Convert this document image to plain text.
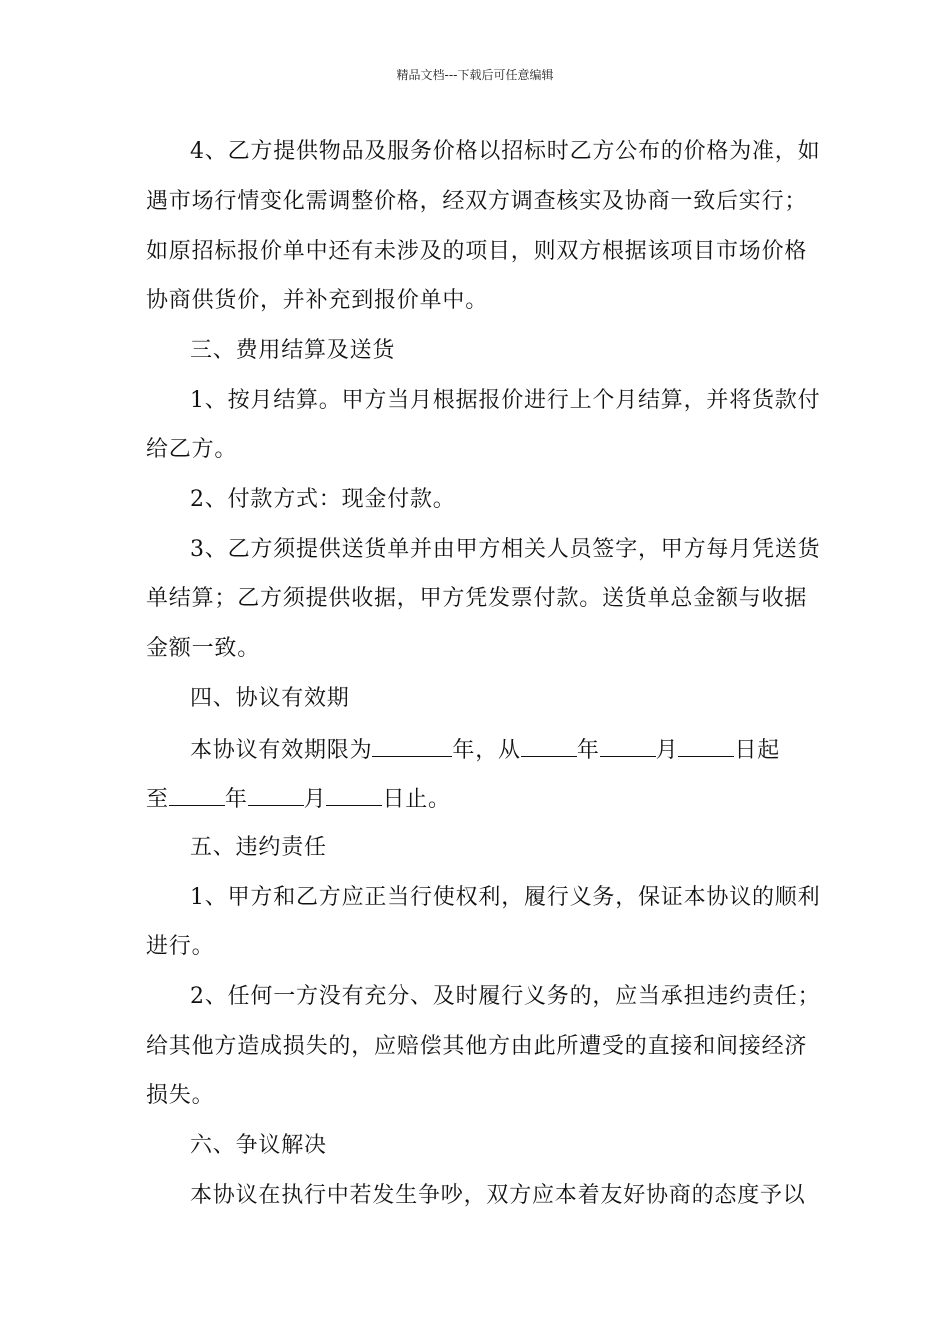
精品文档---下载后可任意编辑
4、乙方提供物品及服务价格以招标时乙方公布的价格为准，如
遇市场行情变化需调整价格，经双方调查核实及协商一致后实行；
如原招标报价单中还有未涉及的项目，则双方根据该项目市场价格
协商供货价，并补充到报价单中。
三、费用结算及送货
1、按月结算。甲方当月根据报价进行上个月结算，并将货款付
给乙方。
2、付款方式：现金付款。
3、乙方须提供送货单并由甲方相关人员签字，甲方每月凭送货
单结算；乙方须提供收据，甲方凭发票付款。送货单总金额与收据
金额一致。
四、协议有效期
本协议有效期限为	年，从	年	月	日起
至	年	月	日止。
五、违约责任
1、甲方和乙方应正当行使权利，履行义务，保证本协议的顺利
进行。
2、任何一方没有充分、及时履行义务的，应当承担违约责任；
给其他方造成损失的，应赔偿其他方由此所遭受的直接和间接经济
损失。
六、争议解决
本协议在执行中若发生争吵，双方应本着友好协商的态度予以
